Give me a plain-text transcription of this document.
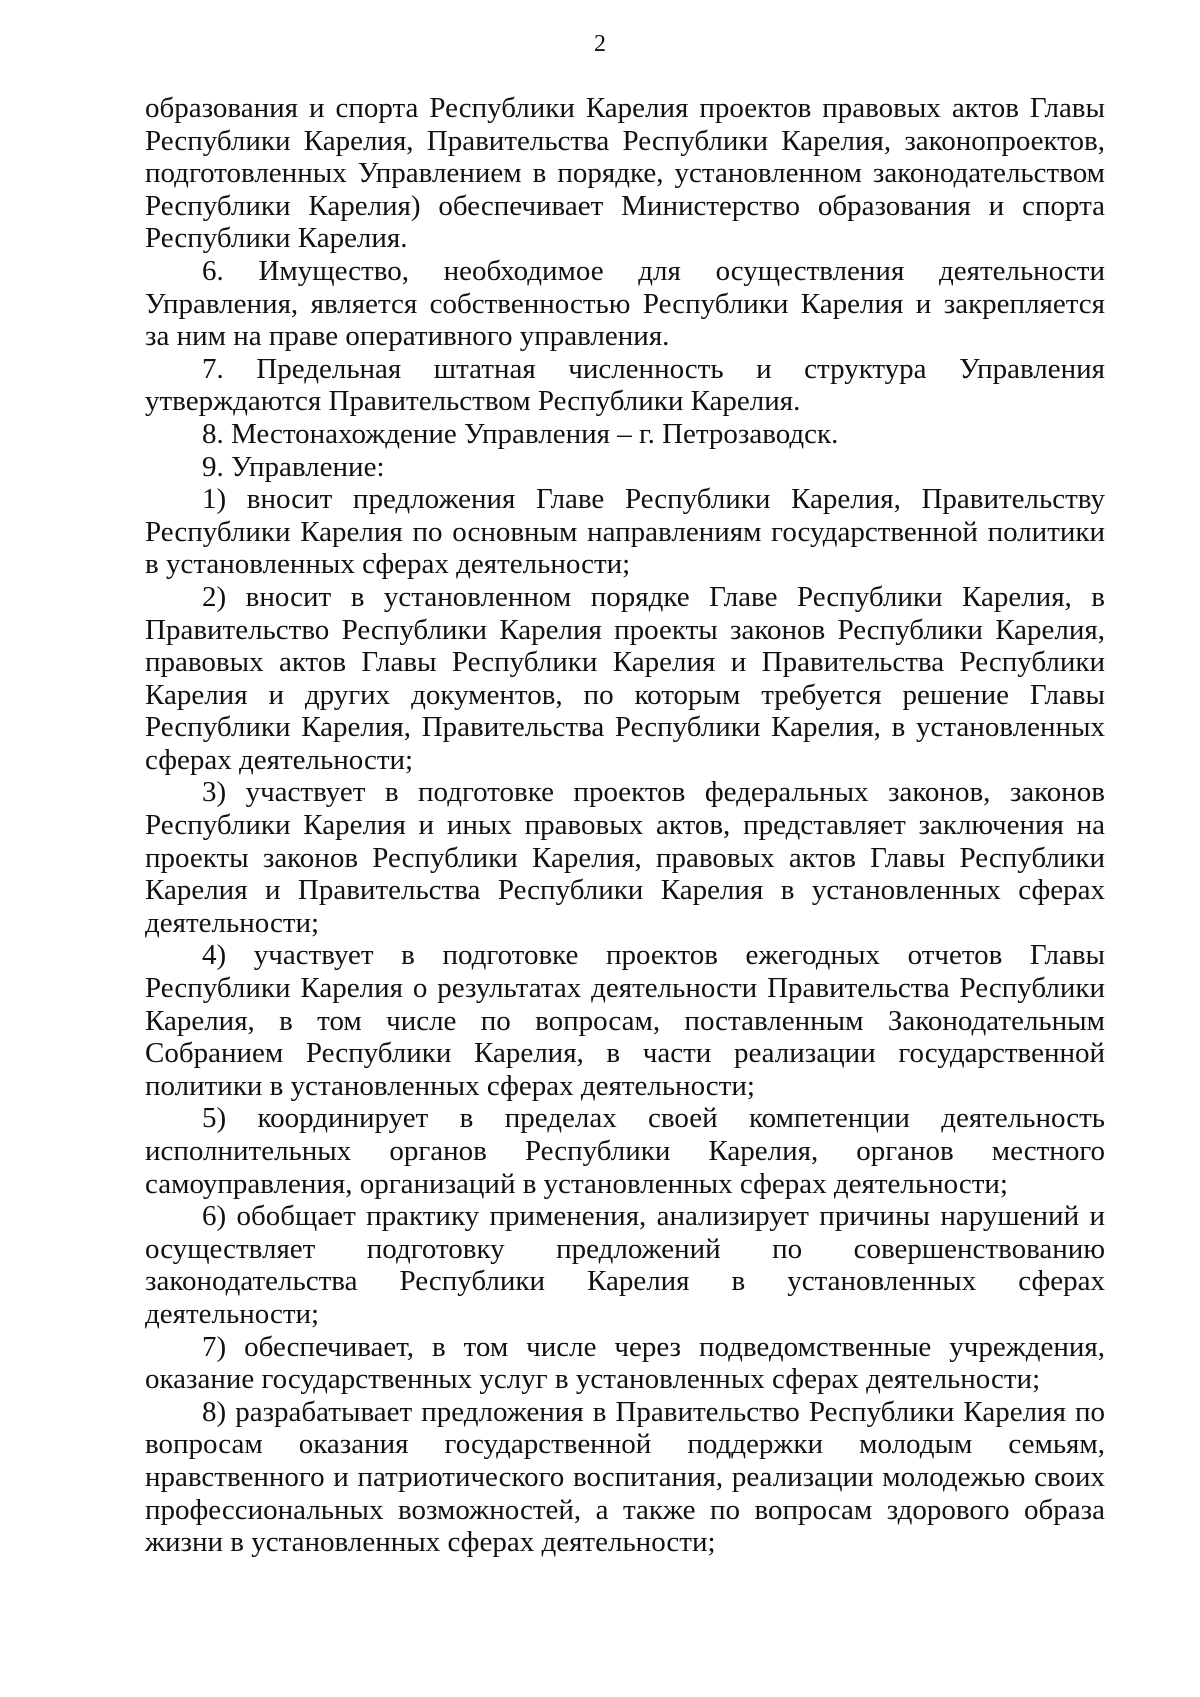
2

образования и спорта Республики Карелия проектов правовых актов Главы Республики Карелия, Правительства Республики Карелия, законопроектов, подготовленных Управлением в порядке, установленном законодательством Республики Карелия) обеспечивает Министерство образования и спорта Республики Карелия.

6. Имущество, необходимое для осуществления деятельности Управления, является собственностью Республики Карелия и закрепляется за ним на праве оперативного управления.

7. Предельная штатная численность и структура Управления утверждаются Правительством Республики Карелия.

8. Местонахождение Управления – г. Петрозаводск.

9. Управление:

1) вносит предложения Главе Республики Карелия, Правительству Республики Карелия по основным направлениям государственной политики в установленных сферах деятельности;

2) вносит в установленном порядке Главе Республики Карелия, в Правительство Республики Карелия проекты законов Республики Карелия, правовых актов Главы Республики Карелия и Правительства Республики Карелия и других документов, по которым требуется решение Главы Республики Карелия, Правительства Республики Карелия, в установленных сферах деятельности;

3) участвует в подготовке проектов федеральных законов, законов Республики Карелия и иных правовых актов, представляет заключения на проекты законов Республики Карелия, правовых актов Главы Республики Карелия и Правительства Республики Карелия в установленных сферах деятельности;

4) участвует в подготовке проектов ежегодных отчетов Главы Республики Карелия о результатах деятельности Правительства Республики Карелия, в том числе по вопросам, поставленным Законодательным Собранием Республики Карелия, в части реализации государственной политики в установленных сферах деятельности;

5) координирует в пределах своей компетенции деятельность исполнительных органов Республики Карелия, органов местного самоуправления, организаций в установленных сферах деятельности;

6) обобщает практику применения, анализирует причины нарушений и осуществляет подготовку предложений по совершенствованию законодательства Республики Карелия в установленных сферах деятельности;

7) обеспечивает, в том числе через подведомственные учреждения, оказание государственных услуг в установленных сферах деятельности;

8) разрабатывает предложения в Правительство Республики Карелия по вопросам оказания государственной поддержки молодым семьям, нравственного и патриотического воспитания, реализации молодежью своих профессиональных возможностей, а также по вопросам здорового образа жизни в установленных сферах деятельности;
